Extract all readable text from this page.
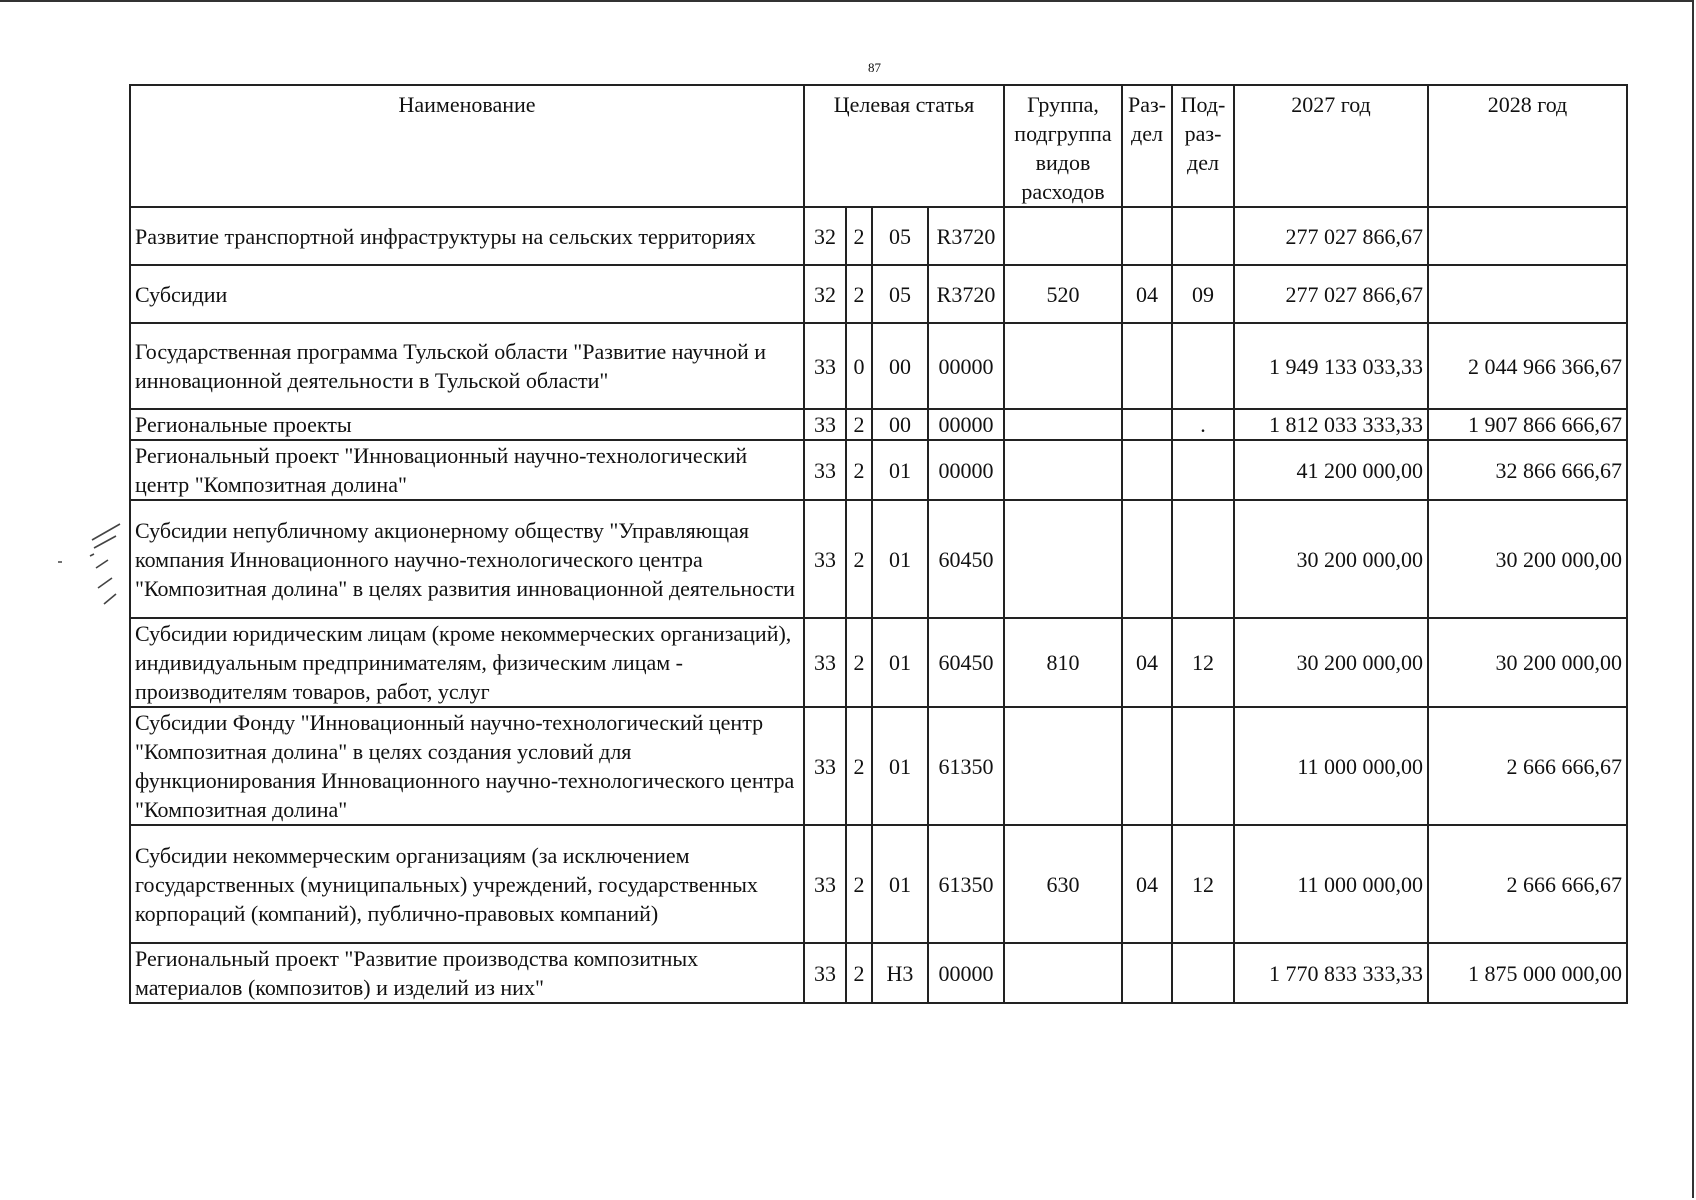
87
Наименование	Целевая статья				Группа, подгруппа видов расходов	Раз-дел	Под-раз-дел	2027 год	2028 год
Развитие транспортной инфраструктуры на сельских территориях	32	2	05	R3720				277 027 866,67	
Субсидии	32	2	05	R3720	520	04	09	277 027 866,67	
Государственная программа Тульской области "Развитие научной и инновационной деятельности в Тульской области"	33	0	00	00000				1 949 133 033,33	2 044 966 366,67
Региональные проекты	33	2	00	00000			.	1 812 033 333,33	1 907 866 666,67
Региональный проект "Инновационный научно-технологический центр "Композитная долина"	33	2	01	00000				41 200 000,00	32 866 666,67
Субсидии непубличному акционерному обществу "Управляющая компания Инновационного научно-технологического центра "Композитная долина" в целях развития инновационной деятельности	33	2	01	60450				30 200 000,00	30 200 000,00
Субсидии юридическим лицам (кроме некоммерческих организаций), индивидуальным предпринимателям, физическим лицам - производителям товаров, работ, услуг	33	2	01	60450	810	04	12	30 200 000,00	30 200 000,00
Субсидии Фонду "Инновационный научно-технологический центр "Композитная долина" в целях создания условий для функционирования Инновационного научно-технологического центра "Композитная долина"	33	2	01	61350				11 000 000,00	2 666 666,67
Субсидии некоммерческим организациям (за исключением государственных (муниципальных) учреждений, государственных корпораций (компаний), публично-правовых компаний)	33	2	01	61350	630	04	12	11 000 000,00	2 666 666,67
Региональный проект "Развитие производства композитных материалов (композитов) и изделий из них"	33	2	Н3	00000				1 770 833 333,33	1 875 000 000,00
